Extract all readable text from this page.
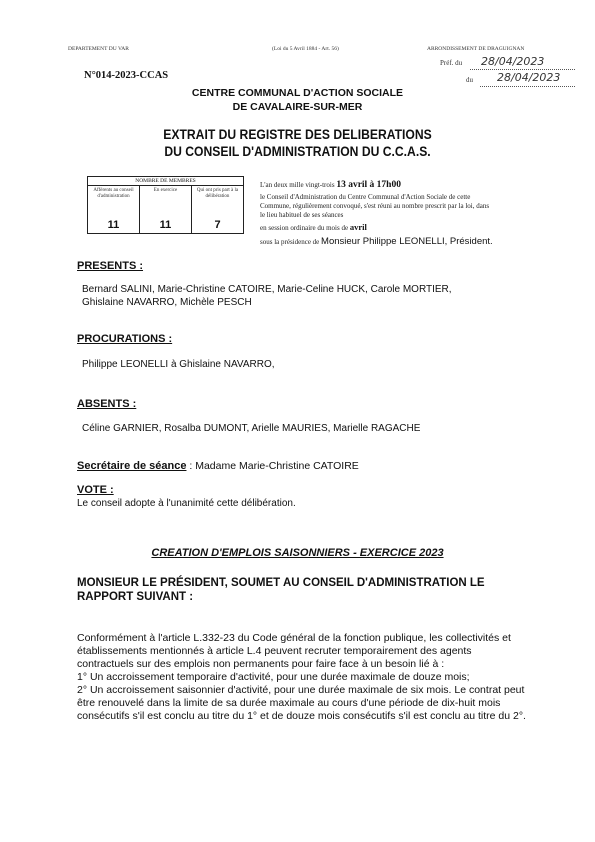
DEPARTEMENT DU VAR	(Loi du 5 Avril 1884 - Art. 56)	ARRONDISSEMENT DE DRAGUIGNAN
Préf. du 28/04/2023
du 28/04/2023
N°014-2023-CCAS
CENTRE COMMUNAL D'ACTION SOCIALE
DE CAVALAIRE-SUR-MER
EXTRAIT DU REGISTRE DES DELIBERATIONS
DU CONSEIL D'ADMINISTRATION DU C.C.A.S.
NOMBRE DE MEMBRES
Afférents au conseil d'administration
11
En exercice
11
Qui ont pris part à la délibération
7
L'an deux mille vingt-trois 13 avril à 17h00
le Conseil d'Administration du Centre Communal d'Action Sociale de cette
Commune, régulièrement convoqué, s'est réuni au nombre prescrit par la loi, dans
le lieu habituel de ses séances
en session ordinaire du mois de avril
sous la présidence de Monsieur Philippe LEONELLI, Président.
PRESENTS :
Bernard SALINI, Marie-Christine CATOIRE, Marie-Celine HUCK, Carole MORTIER,
Ghislaine NAVARRO, Michèle PESCH
PROCURATIONS :
Philippe LEONELLI à Ghislaine NAVARRO,
ABSENTS :
Céline GARNIER, Rosalba DUMONT, Arielle MAURIES, Marielle RAGACHE
Secrétaire de séance : Madame Marie-Christine CATOIRE
VOTE :
Le conseil adopte à l'unanimité cette délibération.
CREATION D'EMPLOIS SAISONNIERS - EXERCICE 2023
MONSIEUR LE PRÉSIDENT, SOUMET AU CONSEIL D'ADMINISTRATION LE
RAPPORT SUIVANT :

Conformément à l'article L.332-23 du Code général de la fonction publique, les collectivités et établissements mentionnés à article L.4 peuvent recruter temporairement des agents contractuels sur des emplois non permanents pour faire face à un besoin lié à :

1° Un accroissement temporaire d'activité, pour une durée maximale de douze mois;

2° Un accroissement saisonnier d'activité, pour une durée maximale de six mois. Le contrat peut être renouvelé dans la limite de sa durée maximale au cours d'une période de dix-huit mois consécutifs s'il est conclu au titre du 1° et de douze mois consécutifs s'il est conclu au titre du 2°.
